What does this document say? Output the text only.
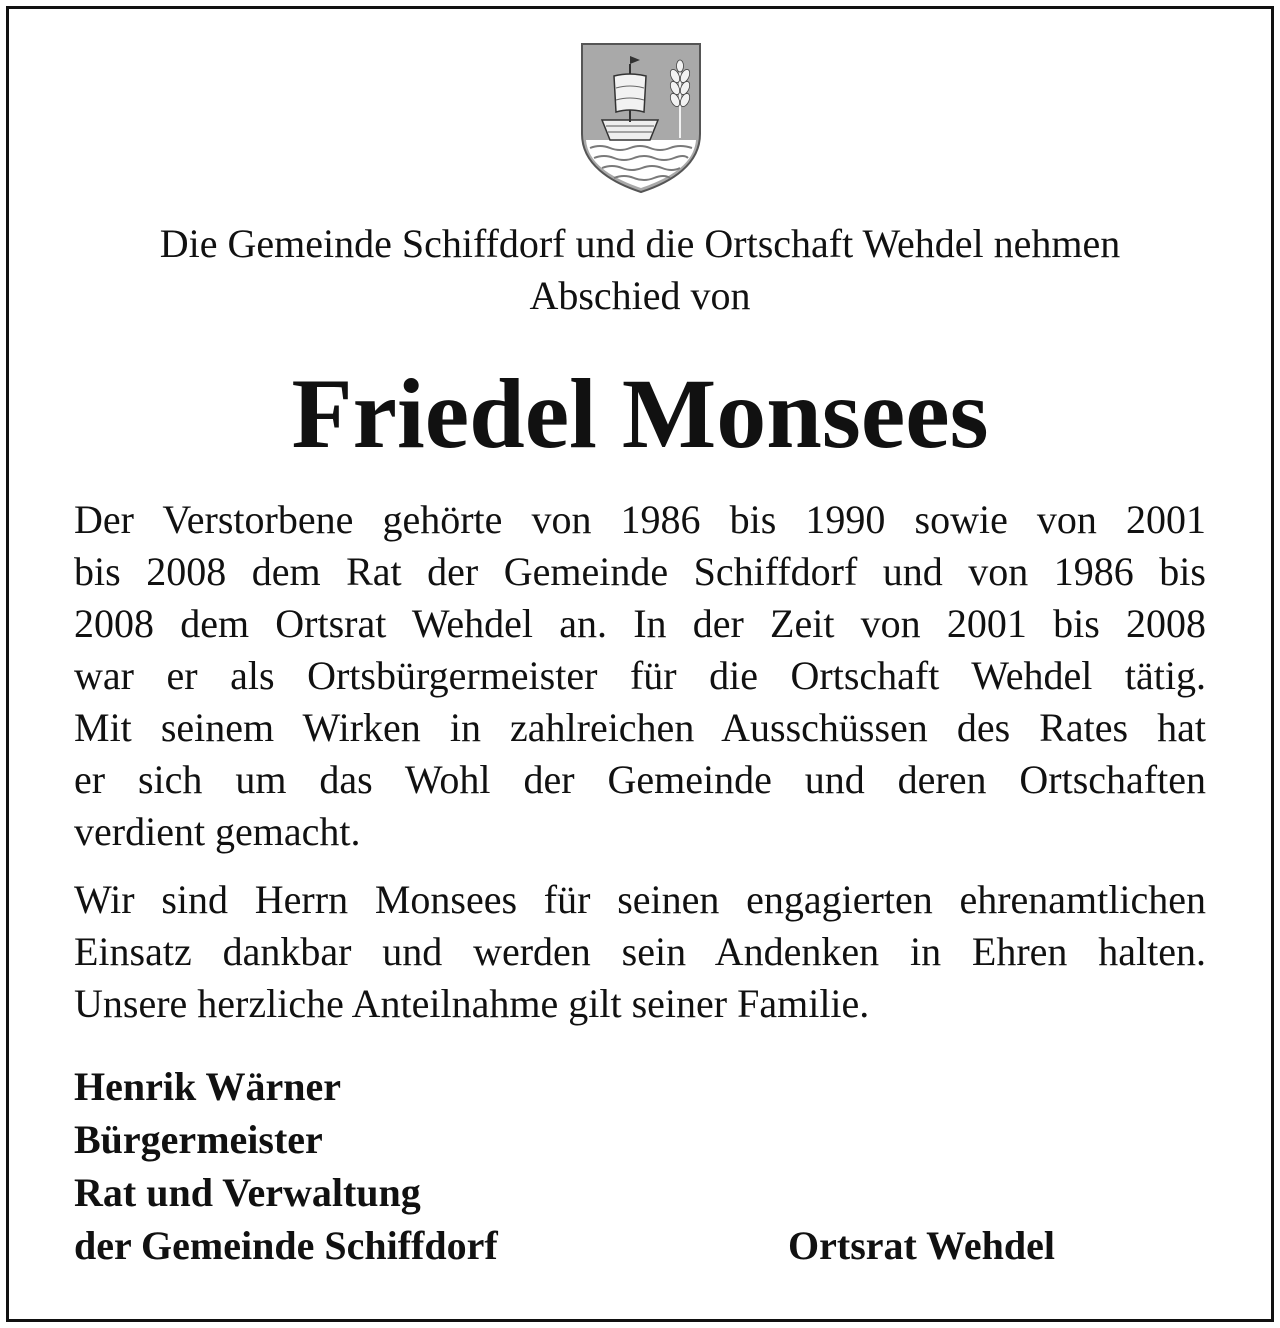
Die Gemeinde Schiffdorf und die Ortschaft Wehdel nehmen
Abschied von
Friedel Monsees
Der Verstorbene gehörte von 1986 bis 1990 sowie von 2001
bis 2008 dem Rat der Gemeinde Schiffdorf und von 1986 bis
2008 dem Ortsrat Wehdel an. In der Zeit von 2001 bis 2008
war er als Ortsbürgermeister für die Ortschaft Wehdel tätig.
Mit seinem Wirken in zahlreichen Ausschüssen des Rates hat
er sich um das Wohl der Gemeinde und deren Ortschaften
verdient gemacht.
Wir sind Herrn Monsees für seinen engagierten ehrenamtlichen
Einsatz dankbar und werden sein Andenken in Ehren halten.
Unsere herzliche Anteilnahme gilt seiner Familie.
Henrik Wärner
Bürgermeister
Rat und Verwaltung
der Gemeinde Schiffdorf	Ortsrat Wehdel
